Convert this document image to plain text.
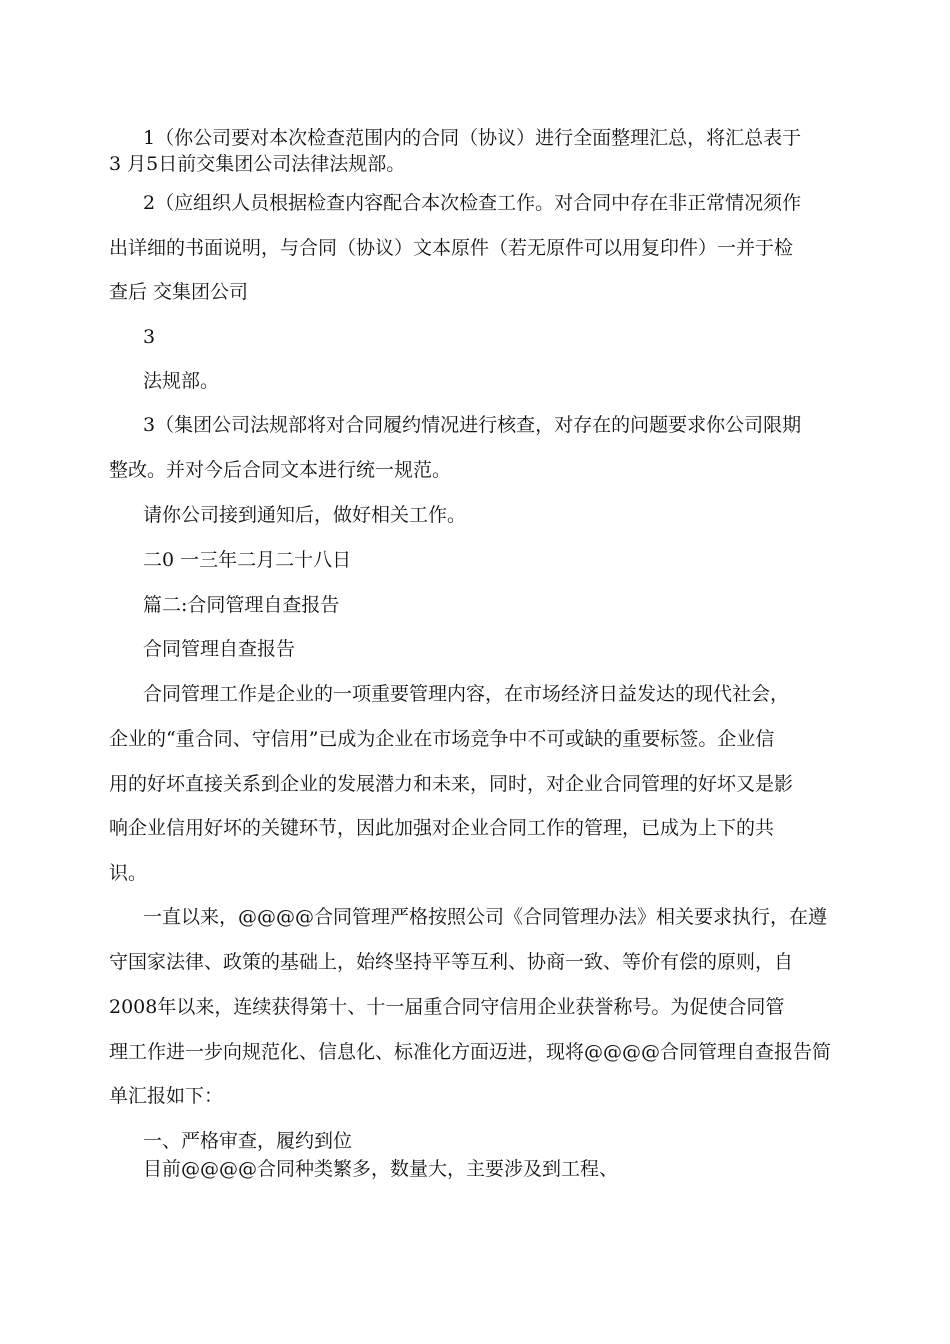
1（你公司要对本次检查范围内的合同（协议）进行全面整理汇总，将汇总表于
3 月5日前交集团公司法律法规部。
2（应组织人员根据检查内容配合本次检查工作。对合同中存在非正常情况须作
出详细的书面说明，与合同（协议）文本原件（若无原件可以用复印件）一并于检
查后 交集团公司
3
法规部。
3（集团公司法规部将对合同履约情况进行核查，对存在的问题要求你公司限期
整改。并对今后合同文本进行统一规范。
请你公司接到通知后，做好相关工作。
二0 一三年二月二十八日
篇二:合同管理自查报告
合同管理自查报告
合同管理工作是企业的一项重要管理内容，在市场经济日益发达的现代社会，
企业的“重合同、守信用”已成为企业在市场竞争中不可或缺的重要标签。企业信
用的好坏直接关系到企业的发展潜力和未来，同时，对企业合同管理的好坏又是影
响企业信用好坏的关键环节，因此加强对企业合同工作的管理，已成为上下的共
识。
一直以来，@@@@合同管理严格按照公司《合同管理办法》相关要求执行，在遵
守国家法律、政策的基础上，始终坚持平等互利、协商一致、等价有偿的原则，自
2008年以来，连续获得第十、十一届重合同守信用企业获誉称号。为促使合同管
理工作进一步向规范化、信息化、标准化方面迈进，现将@@@@合同管理自查报告简
单汇报如下：
一、严格审查，履约到位
目前@@@@合同种类繁多，数量大，主要涉及到工程、
